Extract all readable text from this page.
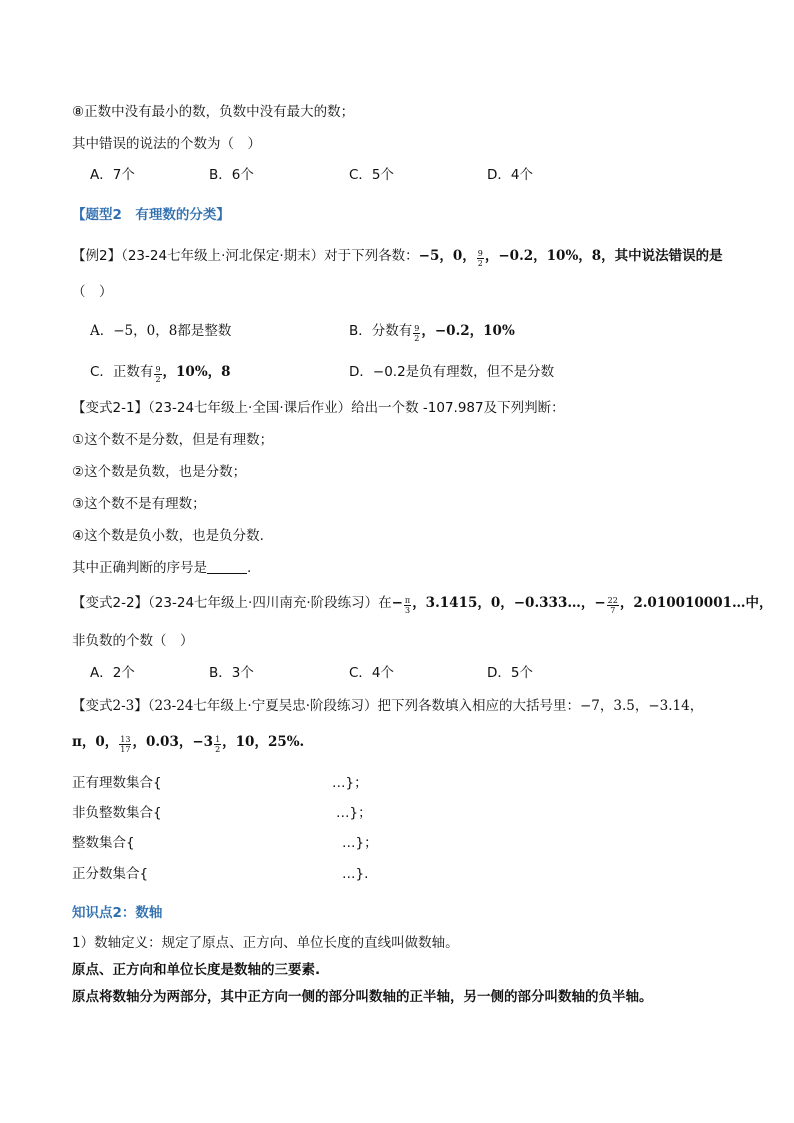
⑧正数中没有最小的数，负数中没有最大的数；
其中错误的说法的个数为（　）
A．7个	B．6个	C．5个	D．4个
【题型2　有理数的分类】
【例2】（23-24七年级上·河北保定·期末）对于下列各数：−5，0， $\frac{9}{2}$ ，−0.2，10%，8，其中说法错误的是
（　）
A．−5，0，8都是整数	B．分数有 $\frac{9}{2}$ ，−0.2，10%
C．正数有 $\frac{9}{2}$ ，10%，8	D．−0.2是负有理数，但不是分数
【变式2-1】（23-24七年级上·全国·课后作业）给出一个数 -107.987及下列判断：
①这个数不是分数，但是有理数；
②这个数是负数，也是分数；
③这个数不是有理数；
④这个数是负小数，也是负分数.
其中正确判断的序号是	.
【变式2-2】（23-24七年级上·四川南充·阶段练习）在− $\frac{\pi}{3}$ ，3.1415，0，−0.333…，− $\frac{22}{7}$ ，2.010010001…中，
非负数的个数（　）
A．2个	B．3个	C．4个	D．5个
【变式2-3】（23-24七年级上·宁夏吴忠·阶段练习）把下列各数填入相应的大括号里：−7，3.5，−3.14，
π，0， $\frac{13}{17}$ ，0.03，$-3 \frac{1}{2}$ ，10，25%.
正有理数集合{	…}；
非负整数集合{	…}；
整数集合{	…}；
正分数集合{	…}.
知识点2：数轴
1）数轴定义：规定了原点、正方向、单位长度的直线叫做数轴。
原点、正方向和单位长度是数轴的三要素.
原点将数轴分为两部分，其中正方向一侧的部分叫数轴的正半轴，另一侧的部分叫数轴的负半轴。
